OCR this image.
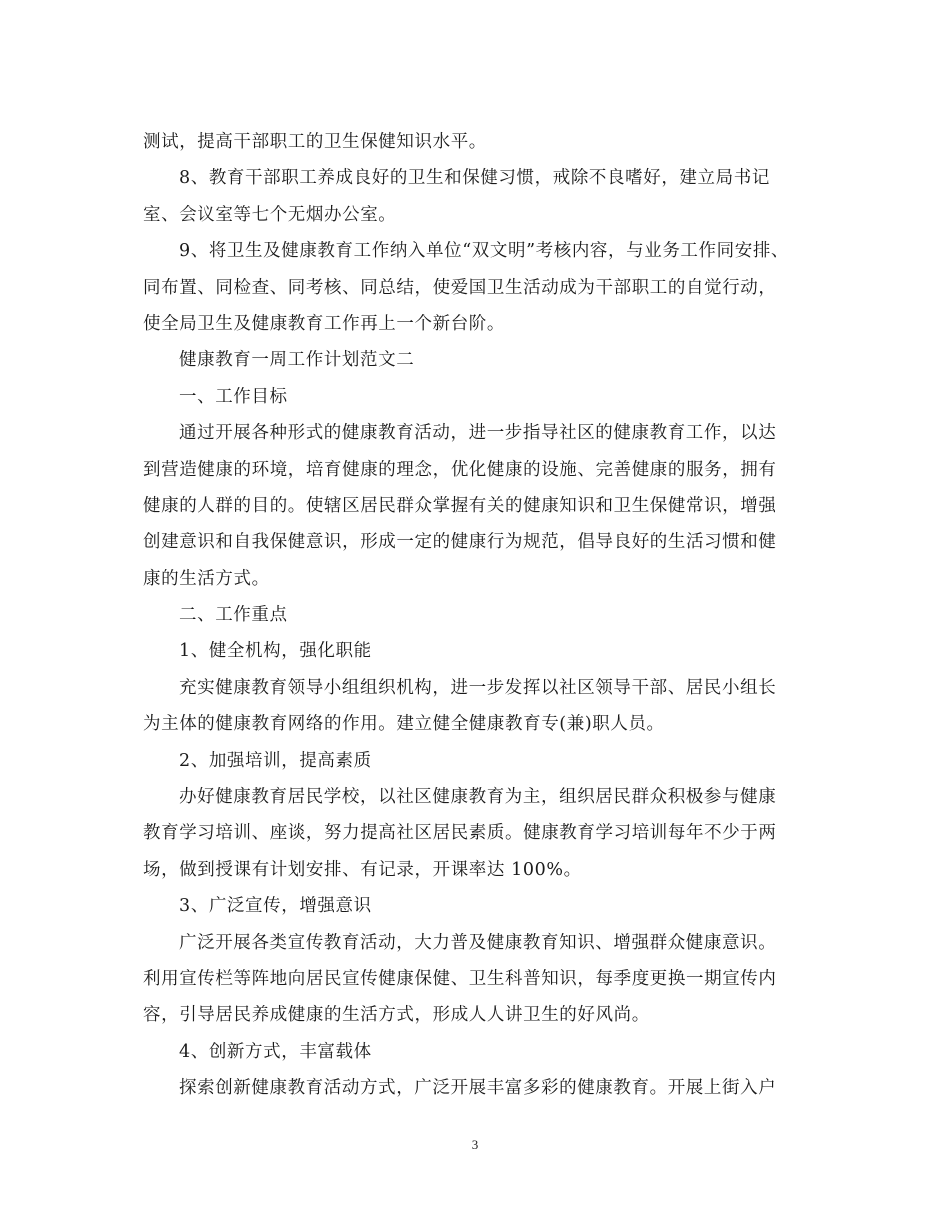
测试，提高干部职工的卫生保健知识水平。
8、教育干部职工养成良好的卫生和保健习惯，戒除不良嗜好，建立局书记
室、会议室等七个无烟办公室。
9、将卫生及健康教育工作纳入单位“双文明”考核内容，与业务工作同安排、
同布置、同检查、同考核、同总结，使爱国卫生活动成为干部职工的自觉行动，
使全局卫生及健康教育工作再上一个新台阶。
健康教育一周工作计划范文二
一、工作目标
通过开展各种形式的健康教育活动，进一步指导社区的健康教育工作，以达
到营造健康的环境，培育健康的理念，优化健康的设施、完善健康的服务，拥有
健康的人群的目的。使辖区居民群众掌握有关的健康知识和卫生保健常识，增强
创建意识和自我保健意识，形成一定的健康行为规范，倡导良好的生活习惯和健
康的生活方式。
二、工作重点
1、健全机构，强化职能
充实健康教育领导小组组织机构，进一步发挥以社区领导干部、居民小组长
为主体的健康教育网络的作用。建立健全健康教育专(兼)职人员。
2、加强培训，提高素质
办好健康教育居民学校，以社区健康教育为主，组织居民群众积极参与健康
教育学习培训、座谈，努力提高社区居民素质。健康教育学习培训每年不少于两
场，做到授课有计划安排、有记录，开课率达 100%。
3、广泛宣传，增强意识
广泛开展各类宣传教育活动，大力普及健康教育知识、增强群众健康意识。
利用宣传栏等阵地向居民宣传健康保健、卫生科普知识，每季度更换一期宣传内
容，引导居民养成健康的生活方式，形成人人讲卫生的好风尚。
4、创新方式，丰富载体
探索创新健康教育活动方式，广泛开展丰富多彩的健康教育。开展上街入户
3
